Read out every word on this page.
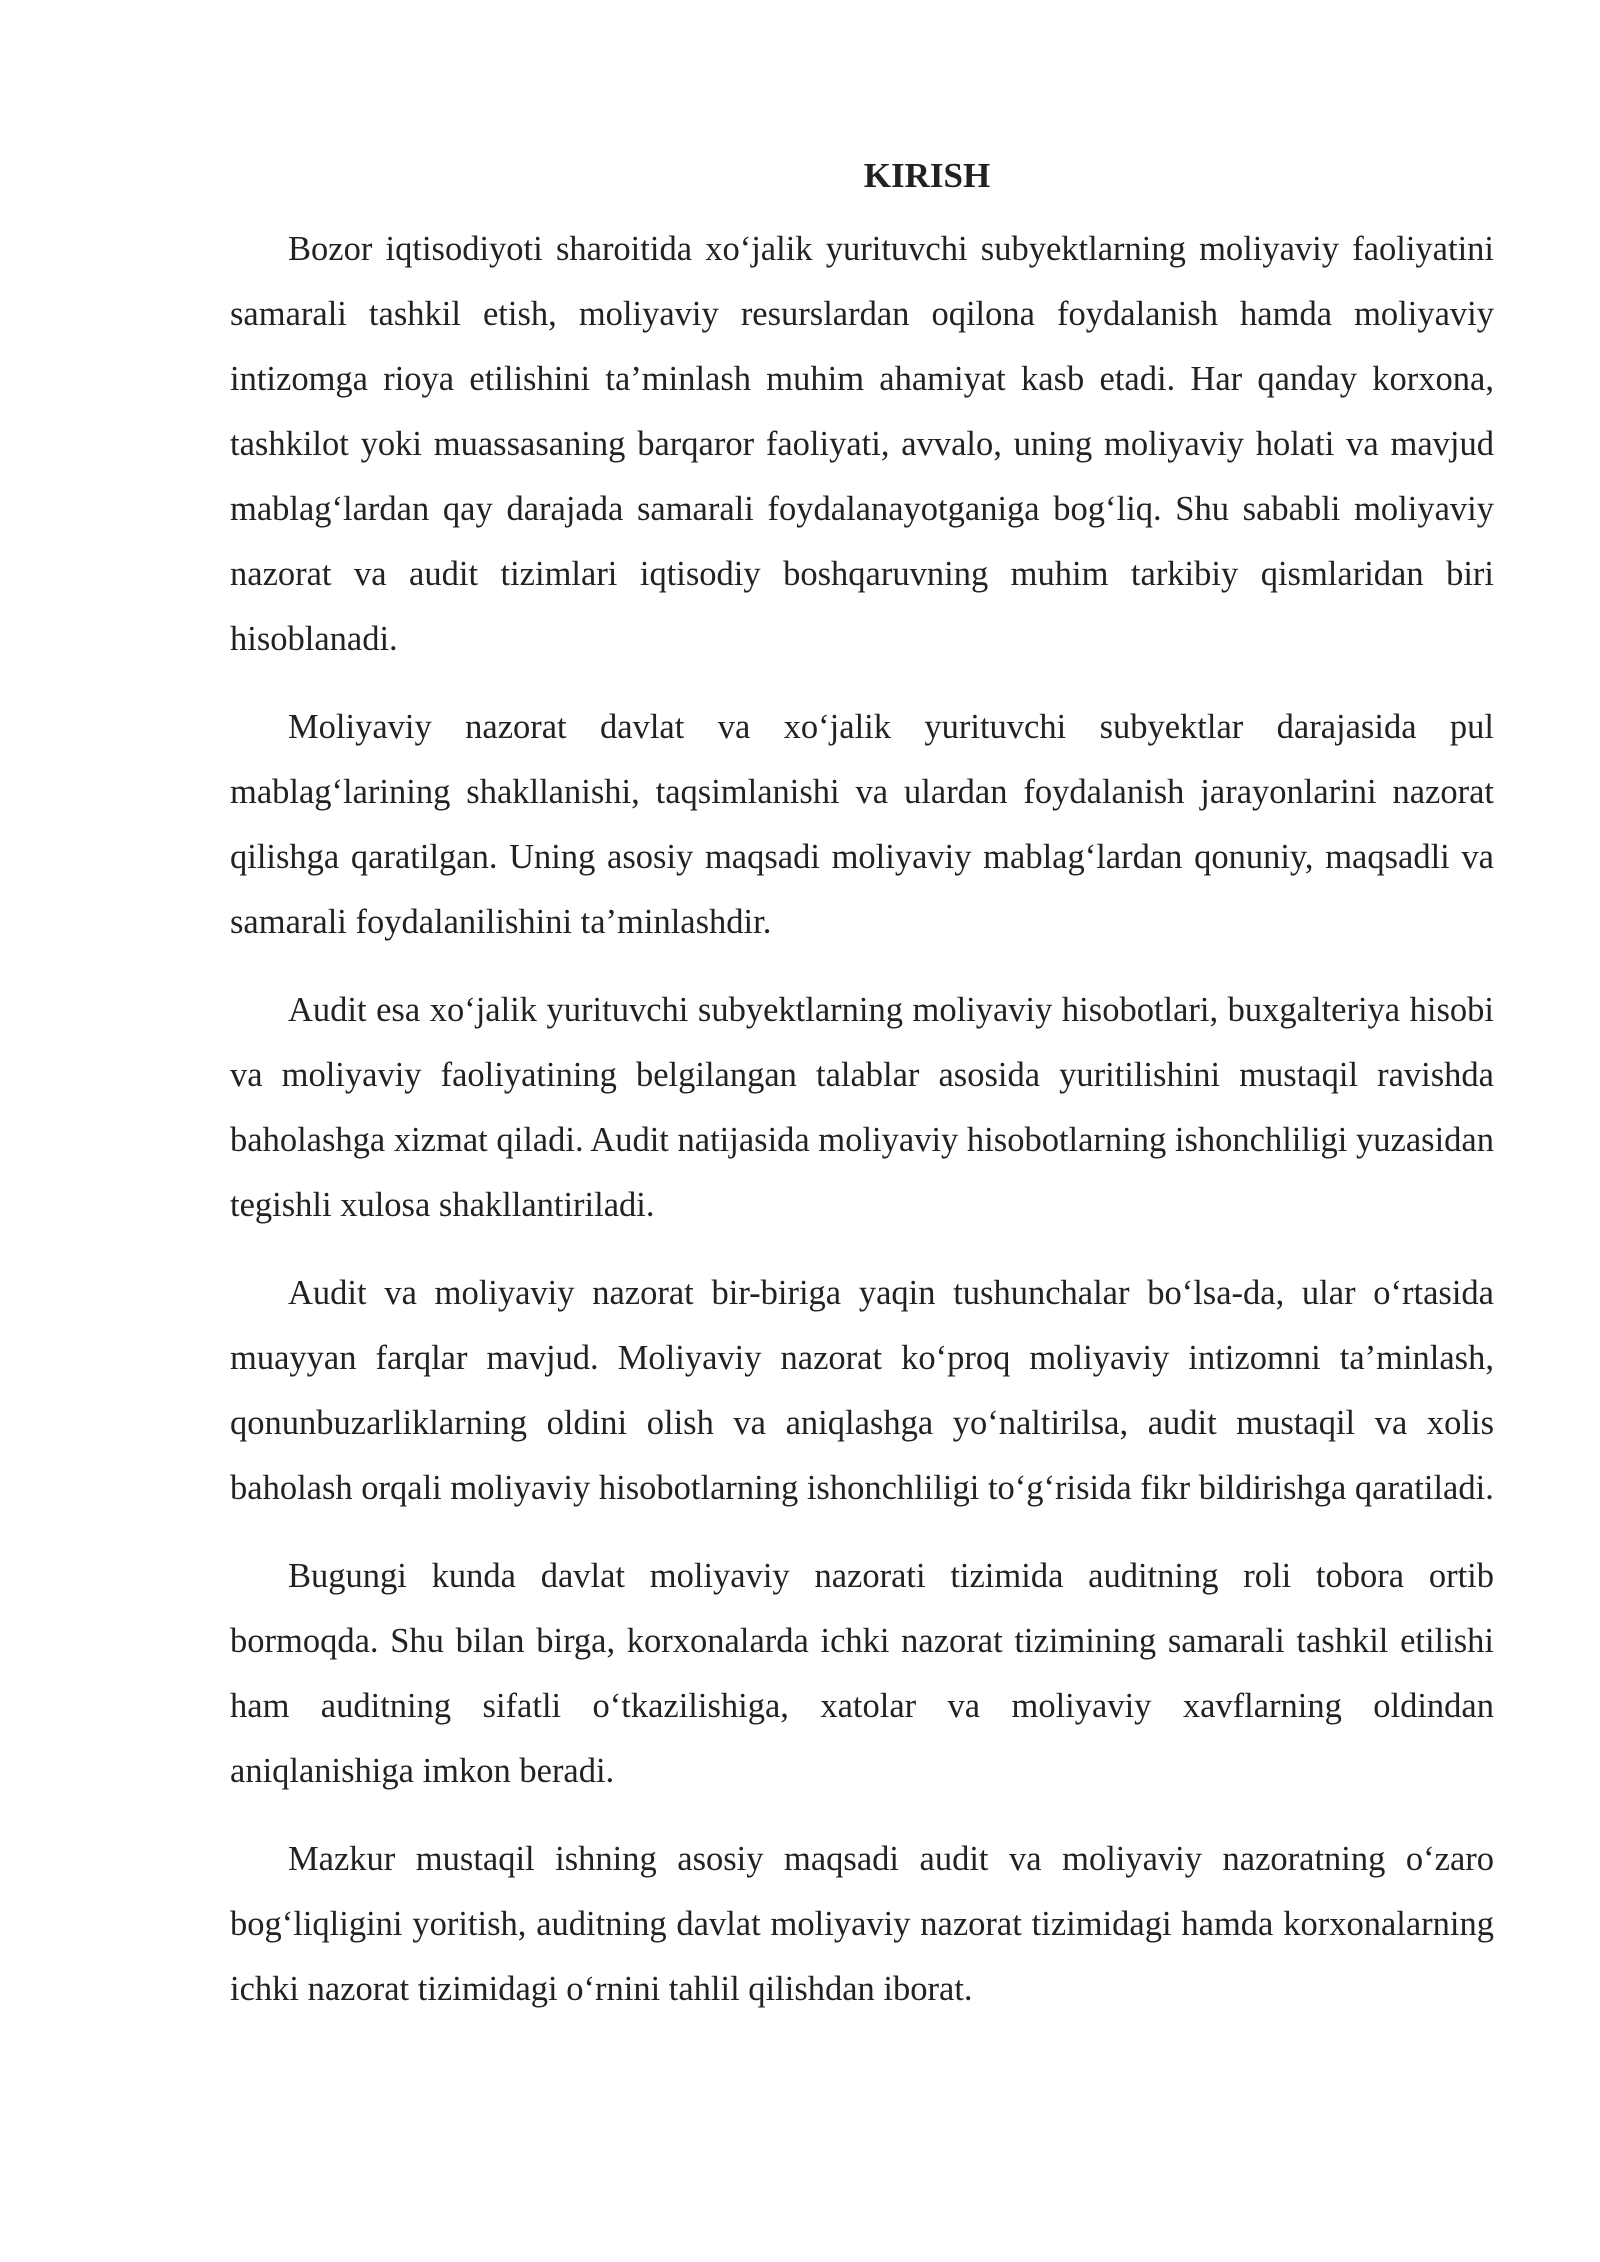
KIRISH

Bozor iqtisodiyoti sharoitida xo‘jalik yurituvchi subyektlarning moliyaviy faoliyatini samarali tashkil etish, moliyaviy resurslardan oqilona foydalanish hamda moliyaviy intizomga rioya etilishini ta’minlash muhim ahamiyat kasb etadi. Har qanday korxona, tashkilot yoki muassasaning barqaror faoliyati, avvalo, uning moliyaviy holati va mavjud mablag‘lardan qay darajada samarali foydalanayotganiga bog‘liq. Shu sababli moliyaviy nazorat va audit tizimlari iqtisodiy boshqaruvning muhim tarkibiy qismlaridan biri hisoblanadi.

Moliyaviy nazorat davlat va xo‘jalik yurituvchi subyektlar darajasida pul mablag‘larining shakllanishi, taqsimlanishi va ulardan foydalanish jarayonlarini nazorat qilishga qaratilgan. Uning asosiy maqsadi moliyaviy mablag‘lardan qonuniy, maqsadli va samarali foydalanilishini ta’minlashdir.

Audit esa xo‘jalik yurituvchi subyektlarning moliyaviy hisobotlari, buxgalteriya hisobi va moliyaviy faoliyatining belgilangan talablar asosida yuritilishini mustaqil ravishda baholashga xizmat qiladi. Audit natijasida moliyaviy hisobotlarning ishonchliligi yuzasidan tegishli xulosa shakllantiriladi.

Audit va moliyaviy nazorat bir-biriga yaqin tushunchalar bo‘lsa-da, ular o‘rtasida muayyan farqlar mavjud. Moliyaviy nazorat ko‘proq moliyaviy intizomni ta’minlash, qonunbuzarliklarning oldini olish va aniqlashga yo‘naltirilsa, audit mustaqil va xolis baholash orqali moliyaviy hisobotlarning ishonchliligi to‘g‘risida fikr bildirishga qaratiladi.

Bugungi kunda davlat moliyaviy nazorati tizimida auditning roli tobora ortib bormoqda. Shu bilan birga, korxonalarda ichki nazorat tizimining samarali tashkil etilishi ham auditning sifatli o‘tkazilishiga, xatolar va moliyaviy xavflarning oldindan aniqlanishiga imkon beradi.

Mazkur mustaqil ishning asosiy maqsadi audit va moliyaviy nazoratning o‘zaro bog‘liqligini yoritish, auditning davlat moliyaviy nazorat tizimidagi hamda korxonalarning ichki nazorat tizimidagi o‘rnini tahlil qilishdan iborat.
